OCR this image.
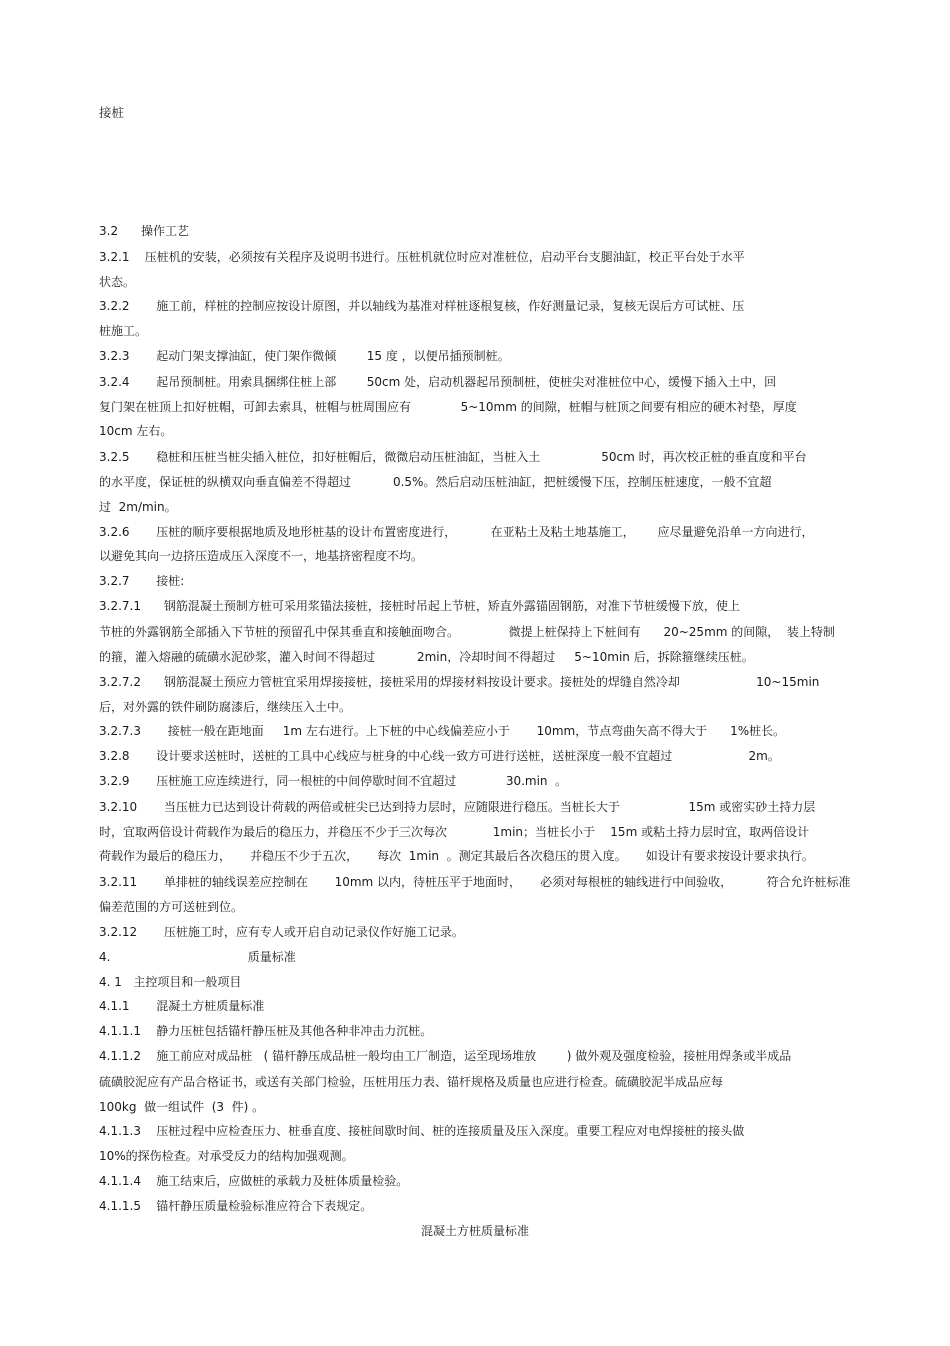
接桩

3.2      操作工艺

3.2.1    压桩机的安装，必须按有关程序及说明书进行。压桩机就位时应对准桩位，启动平台支腿油缸，校正平台处于水平

状态。

3.2.2       施工前，样桩的控制应按设计原图，并以轴线为基准对样桩逐根复核，作好测量记录，复核无误后方可试桩、压

桩施工。

3.2.3       起动门架支撑油缸，使门架作微倾        15 度 ，以便吊插预制桩。

3.2.4       起吊预制桩。用索具捆绑住桩上部        50cm 处，启动机器起吊预制桩，使桩尖对准桩位中心，缓慢下插入土中，回

复门架在桩顶上扣好桩帽，可卸去索具，桩帽与桩周围应有             5~10mm 的间隙，桩帽与桩顶之间要有相应的硬木衬垫，厚度

10cm 左右。

3.2.5       稳桩和压桩当桩尖插入桩位，扣好桩帽后，微微启动压桩油缸，当桩入土                50cm 时，再次校正桩的垂直度和平台

的水平度，保证桩的纵横双向垂直偏差不得超过           0.5%。然后启动压桩油缸，把桩缓慢下压，控制压桩速度，一般不宜超

过  2m/min。

3.2.6       压桩的顺序要根据地质及地形桩基的设计布置密度进行，         在亚粘土及粘土地基施工，      应尽量避免沿单一方向进行，

以避免其向一边挤压造成压入深度不一，地基挤密程度不均。

3.2.7       接桩:

3.2.7.1      钢筋混凝土预制方桩可采用浆锚法接桩，接桩时吊起上节桩，矫直外露锚固钢筋，对准下节桩缓慢下放，使上

节桩的外露钢筋全部插入下节桩的预留孔中保其垂直和接触面吻合。             微提上桩保持上下桩间有      20~25mm 的间隙，  装上特制

的箍，灌入熔融的硫磺水泥砂浆，灌入时间不得超过           2min，冷却时间不得超过     5~10min 后，拆除箍继续压桩。

3.2.7.2      钢筋混凝土预应力管桩宜采用焊接接桩，接桩采用的焊接材料按设计要求。接桩处的焊缝自然冷却                    10~15min

后，对外露的铁件刷防腐漆后，继续压入土中。

3.2.7.3       接桩一般在距地面     1m 左右进行。上下桩的中心线偏差应小于       10mm，节点弯曲矢高不得大于      1%桩长。

3.2.8       设计要求送桩时，送桩的工具中心线应与桩身的中心线一致方可进行送桩，送桩深度一般不宜超过                    2m。

3.2.9       压桩施工应连续进行，同一根桩的中间停歇时间不宜超过             30.min  。

3.2.10       当压桩力已达到设计荷载的两倍或桩尖已达到持力层时，应随限进行稳压。当桩长大于                  15m 或密实砂土持力层

时，宜取两倍设计荷载作为最后的稳压力，并稳压不少于三次每次            1min；当桩长小于    15m 或粘土持力层时宜，取两倍设计

荷载作为最后的稳压力，     并稳压不少于五次，     每次  1min  。测定其最后各次稳压的贯入度。     如设计有要求按设计要求执行。

3.2.11       单排桩的轴线误差应控制在       10mm 以内，待桩压平于地面时，     必须对每根桩的轴线进行中间验收，         符合允许桩标准

偏差范围的方可送桩到位。

3.2.12       压桩施工时，应有专人或开启自动记录仪作好施工记录。

4.                                    质量标准

4. 1   主控项目和一般项目

4.1.1       混凝土方桩质量标准

4.1.1.1    静力压桩包括锚杆静压桩及其他各种非冲击力沉桩。

4.1.1.2    施工前应对成品桩   ( 锚杆静压成品桩一般均由工厂制造，运至现场堆放        ) 做外观及强度检验，接桩用焊条或半成品

硫磺胶泥应有产品合格证书，或送有关部门检验，压桩用压力表、锚杆规格及质量也应进行检查。硫磺胶泥半成品应每

100kg  做一组试件  (3  件) 。

4.1.1.3    压桩过程中应检查压力、桩垂直度、接桩间歇时间、桩的连接质量及压入深度。重要工程应对电焊接桩的接头做

10%的探伤检查。对承受反力的结构加强观测。

4.1.1.4    施工结束后，应做桩的承载力及桩体质量检验。

4.1.1.5    锚杆静压质量检验标准应符合下表规定。

混凝土方桩质量标准
